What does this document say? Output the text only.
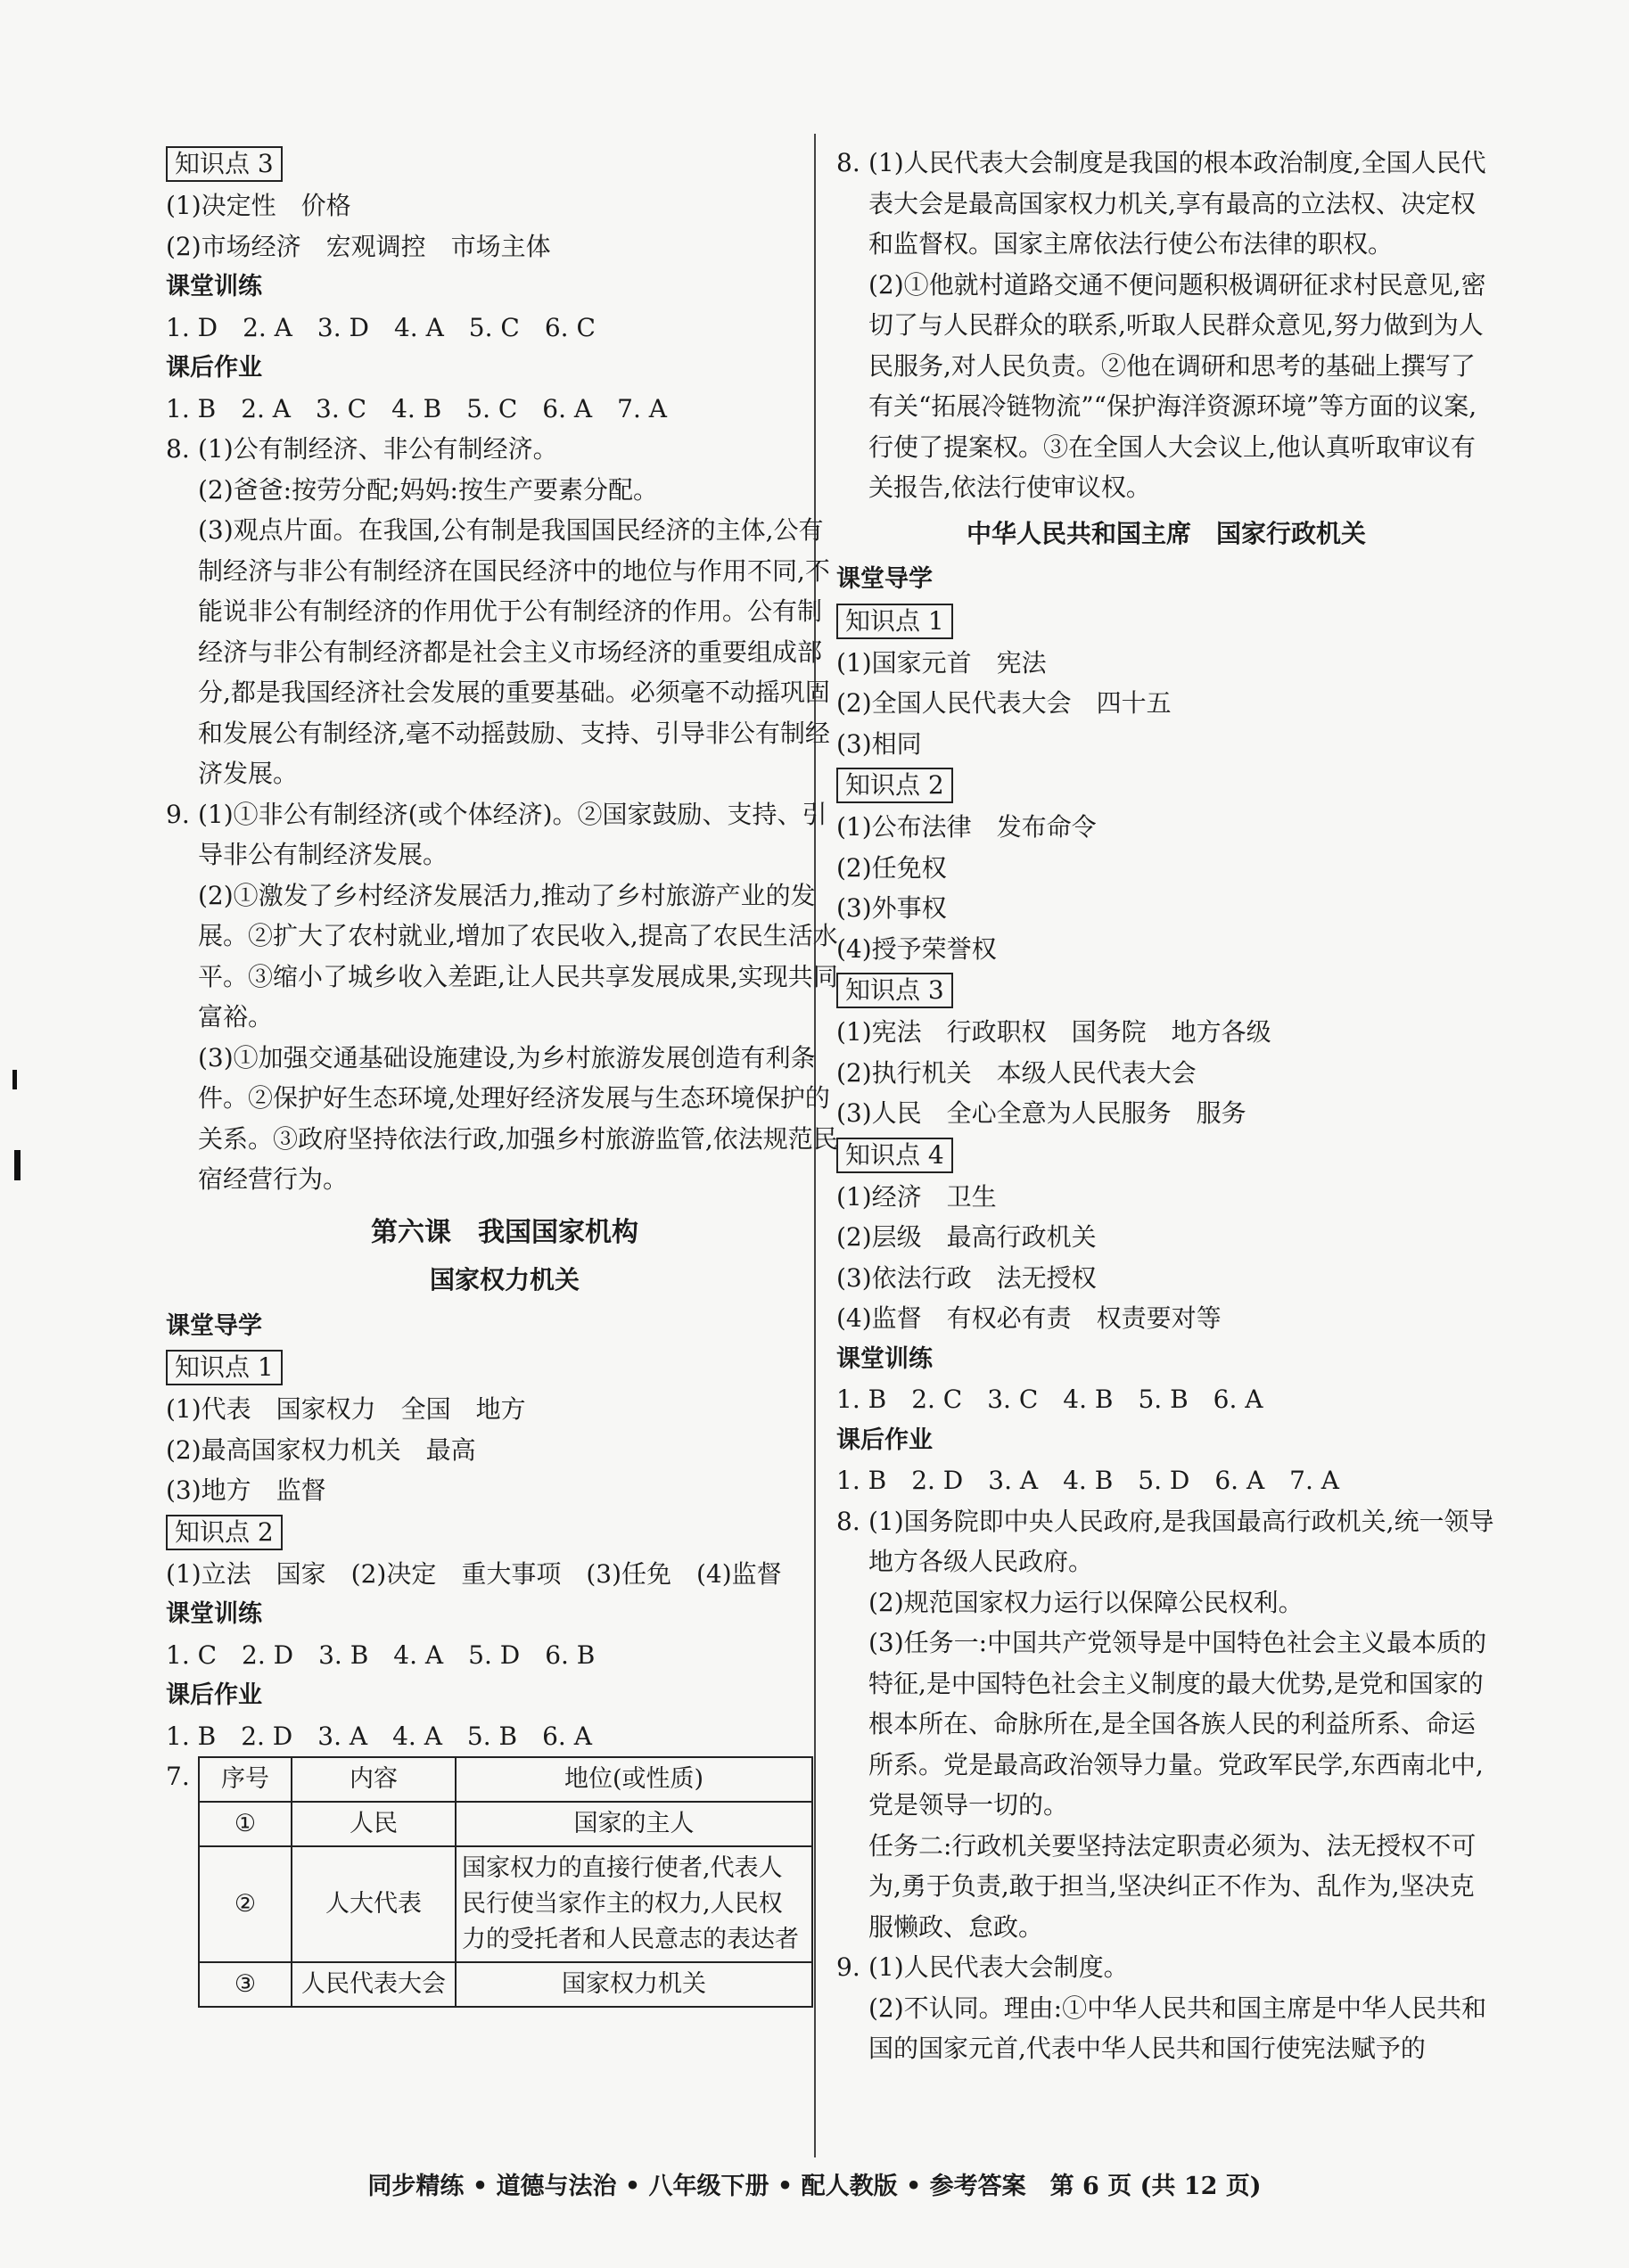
知识点 3

(1)决定性　价格

(2)市场经济　宏观调控　市场主体

课堂训练

1. D　2. A　3. D　4. A　5. C　6. C

课后作业

1. B　2. A　3. C　4. B　5. C　6. A　7. A

8. (1)公有制经济、非公有制经济。

(2)爸爸:按劳分配;妈妈:按生产要素分配。

(3)观点片面。在我国,公有制是我国国民经济的主体,公有制经济与非公有制经济在国民经济中的地位与作用不同,不能说非公有制经济的作用优于公有制经济的作用。公有制经济与非公有制经济都是社会主义市场经济的重要组成部分,都是我国经济社会发展的重要基础。必须毫不动摇巩固和发展公有制经济,毫不动摇鼓励、支持、引导非公有制经济发展。

9. (1)①非公有制经济(或个体经济)。②国家鼓励、支持、引导非公有制经济发展。

(2)①激发了乡村经济发展活力,推动了乡村旅游产业的发展。②扩大了农村就业,增加了农民收入,提高了农民生活水平。③缩小了城乡收入差距,让人民共享发展成果,实现共同富裕。

(3)①加强交通基础设施建设,为乡村旅游发展创造有利条件。②保护好生态环境,处理好经济发展与生态环境保护的关系。③政府坚持依法行政,加强乡村旅游监管,依法规范民宿经营行为。

第六课　我国国家机构

国家权力机关

课堂导学

知识点 1

(1)代表　国家权力　全国　地方

(2)最高国家权力机关　最高

(3)地方　监督

知识点 2

(1)立法　国家　(2)决定　重大事项　(3)任免　(4)监督

课堂训练

1. C　2. D　3. B　4. A　5. D　6. B

课后作业

1. B　2. D　3. A　4. A　5. B　6. A

7. 序号	内容	地位(或性质)
①	人民	国家的主人
②	人大代表	国家权力的直接行使者,代表人民行使当家作主的权力,人民权力的受托者和人民意志的表达者
③	人民代表大会	国家权力机关
8. (1)人民代表大会制度是我国的根本政治制度,全国人民代表大会是最高国家权力机关,享有最高的立法权、决定权和监督权。国家主席依法行使公布法律的职权。

(2)①他就村道路交通不便问题积极调研征求村民意见,密切了与人民群众的联系,听取人民群众意见,努力做到为人民服务,对人民负责。②他在调研和思考的基础上撰写了有关“拓展冷链物流”“保护海洋资源环境”等方面的议案,行使了提案权。③在全国人大会议上,他认真听取审议有关报告,依法行使审议权。

中华人民共和国主席　国家行政机关

课堂导学

知识点 1

(1)国家元首　宪法

(2)全国人民代表大会　四十五

(3)相同

知识点 2

(1)公布法律　发布命令

(2)任免权

(3)外事权

(4)授予荣誉权

知识点 3

(1)宪法　行政职权　国务院　地方各级

(2)执行机关　本级人民代表大会

(3)人民　全心全意为人民服务　服务

知识点 4

(1)经济　卫生

(2)层级　最高行政机关

(3)依法行政　法无授权

(4)监督　有权必有责　权责要对等

课堂训练

1. B　2. C　3. C　4. B　5. B　6. A

课后作业

1. B　2. D　3. A　4. B　5. D　6. A　7. A

8. (1)国务院即中央人民政府,是我国最高行政机关,统一领导地方各级人民政府。

(2)规范国家权力运行以保障公民权利。

(3)任务一:中国共产党领导是中国特色社会主义最本质的特征,是中国特色社会主义制度的最大优势,是党和国家的根本所在、命脉所在,是全国各族人民的利益所系、命运所系。党是最高政治领导力量。党政军民学,东西南北中,党是领导一切的。

任务二:行政机关要坚持法定职责必须为、法无授权不可为,勇于负责,敢于担当,坚决纠正不作为、乱作为,坚决克服懒政、怠政。

9. (1)人民代表大会制度。

(2)不认同。理由:①中华人民共和国主席是中华人民共和国的国家元首,代表中华人民共和国行使宪法赋予的

同步精练 • 道德与法治 • 八年级下册 • 配人教版 • 参考答案　第 6 页 (共 12 页)
